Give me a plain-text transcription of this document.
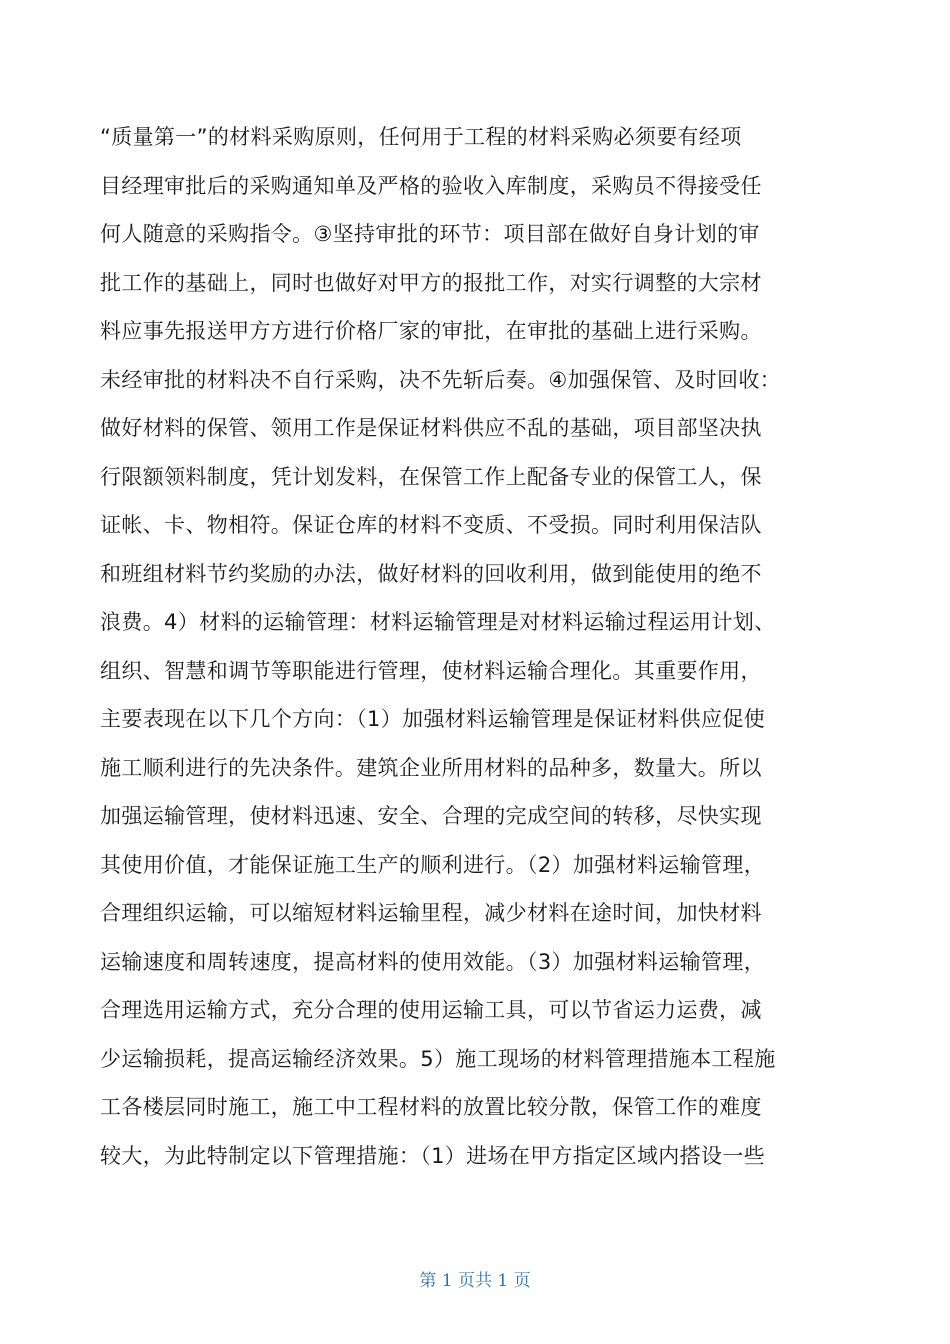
“质量第一”的材料采购原则，任何用于工程的材料采购必须要有经项
目经理审批后的采购通知单及严格的验收入库制度，采购员不得接受任
何人随意的采购指令。③坚持审批的环节：项目部在做好自身计划的审
批工作的基础上，同时也做好对甲方的报批工作，对实行调整的大宗材
料应事先报送甲方方进行价格厂家的审批，在审批的基础上进行采购。
未经审批的材料决不自行采购，决不先斩后奏。④加强保管、及时回收：
做好材料的保管、领用工作是保证材料供应不乱的基础，项目部坚决执
行限额领料制度，凭计划发料，在保管工作上配备专业的保管工人，保
证帐、卡、物相符。保证仓库的材料不变质、不受损。同时利用保洁队
和班组材料节约奖励的办法，做好材料的回收利用，做到能使用的绝不
浪费。4）材料的运输管理：材料运输管理是对材料运输过程运用计划、
组织、智慧和调节等职能进行管理，使材料运输合理化。其重要作用，
主要表现在以下几个方向：（1）加强材料运输管理是保证材料供应促使
施工顺利进行的先决条件。建筑企业所用材料的品种多，数量大。所以
加强运输管理，使材料迅速、安全、合理的完成空间的转移，尽快实现
其使用价值，才能保证施工生产的顺利进行。（2）加强材料运输管理，
合理组织运输，可以缩短材料运输里程，减少材料在途时间，加快材料
运输速度和周转速度，提高材料的使用效能。（3）加强材料运输管理，
合理选用运输方式，充分合理的使用运输工具，可以节省运力运费，减
少运输损耗，提高运输经济效果。5）施工现场的材料管理措施本工程施
工各楼层同时施工，施工中工程材料的放置比较分散，保管工作的难度
较大，为此特制定以下管理措施：（1）进场在甲方指定区域内搭设一些
第 1 页共 1 页
